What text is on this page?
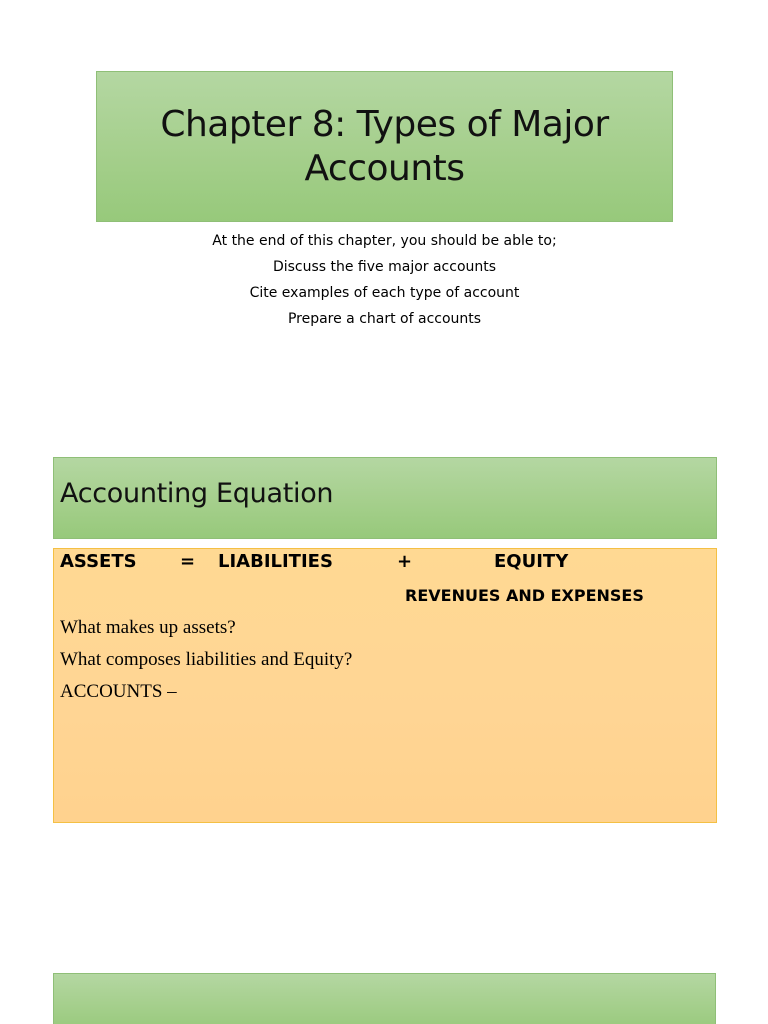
Chapter 8: Types of Major Accounts
At the end of this chapter, you should be able to;
Discuss the five major accounts
Cite examples of each type of account
Prepare a chart of accounts
Accounting Equation
ASSETS = LIABILITIES	+	EQUITY
REVENUES AND EXPENSES
What makes up assets?
What composes liabilities and Equity?
ACCOUNTS –
